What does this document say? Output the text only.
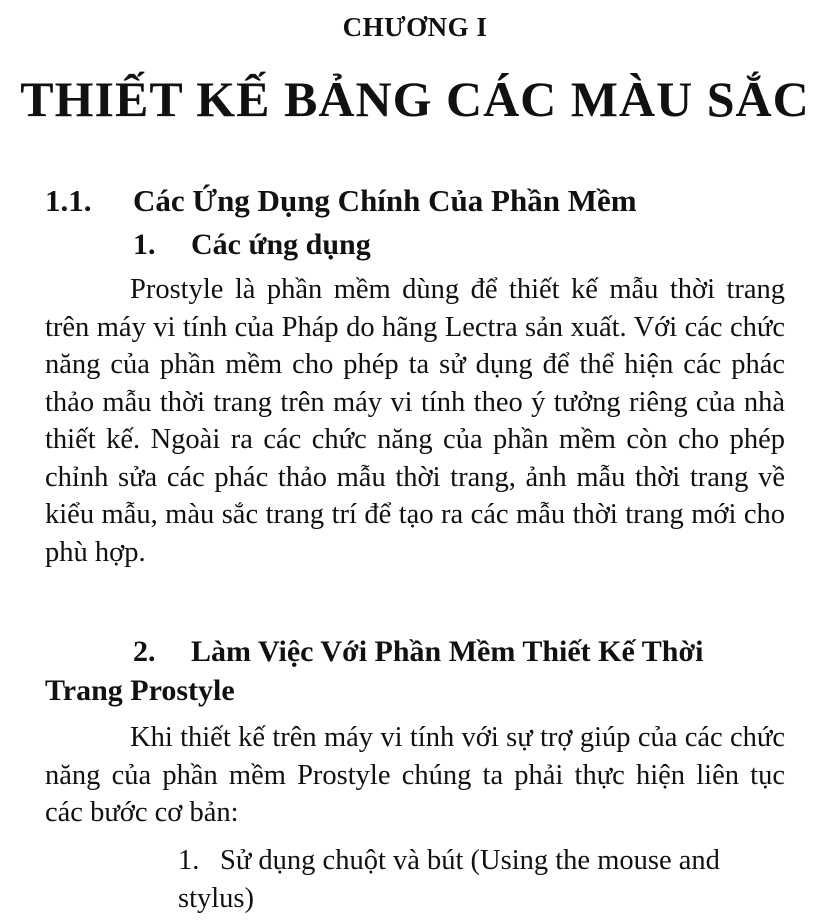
CHƯƠNG I
THIẾT KẾ BẢNG CÁC MÀU SẮC
1.1. Các Ứng Dụng Chính Của Phần Mềm
1. Các ứng dụng
Prostyle là phần mềm dùng để thiết kế mẫu thời trang trên máy vi tính của Pháp do hãng Lectra sản xuất. Với các chức năng của phần mềm cho phép ta sử dụng để thể hiện các phác thảo mẫu thời trang trên máy vi tính theo ý tưởng riêng của nhà thiết kế. Ngoài ra các chức năng của phần mềm còn cho phép chỉnh sửa các phác thảo mẫu thời trang, ảnh mẫu thời trang về kiểu mẫu, màu sắc trang trí để tạo ra các mẫu thời trang mới cho phù hợp.
2. Làm Việc Với Phần Mềm Thiết Kế Thời
Trang Prostyle
Khi thiết kế trên máy vi tính với sự trợ giúp của các chức năng của phần mềm Prostyle chúng ta phải thực hiện liên tục các bước cơ bản:
1. Sử dụng chuột và bút (Using the mouse and stylus)
